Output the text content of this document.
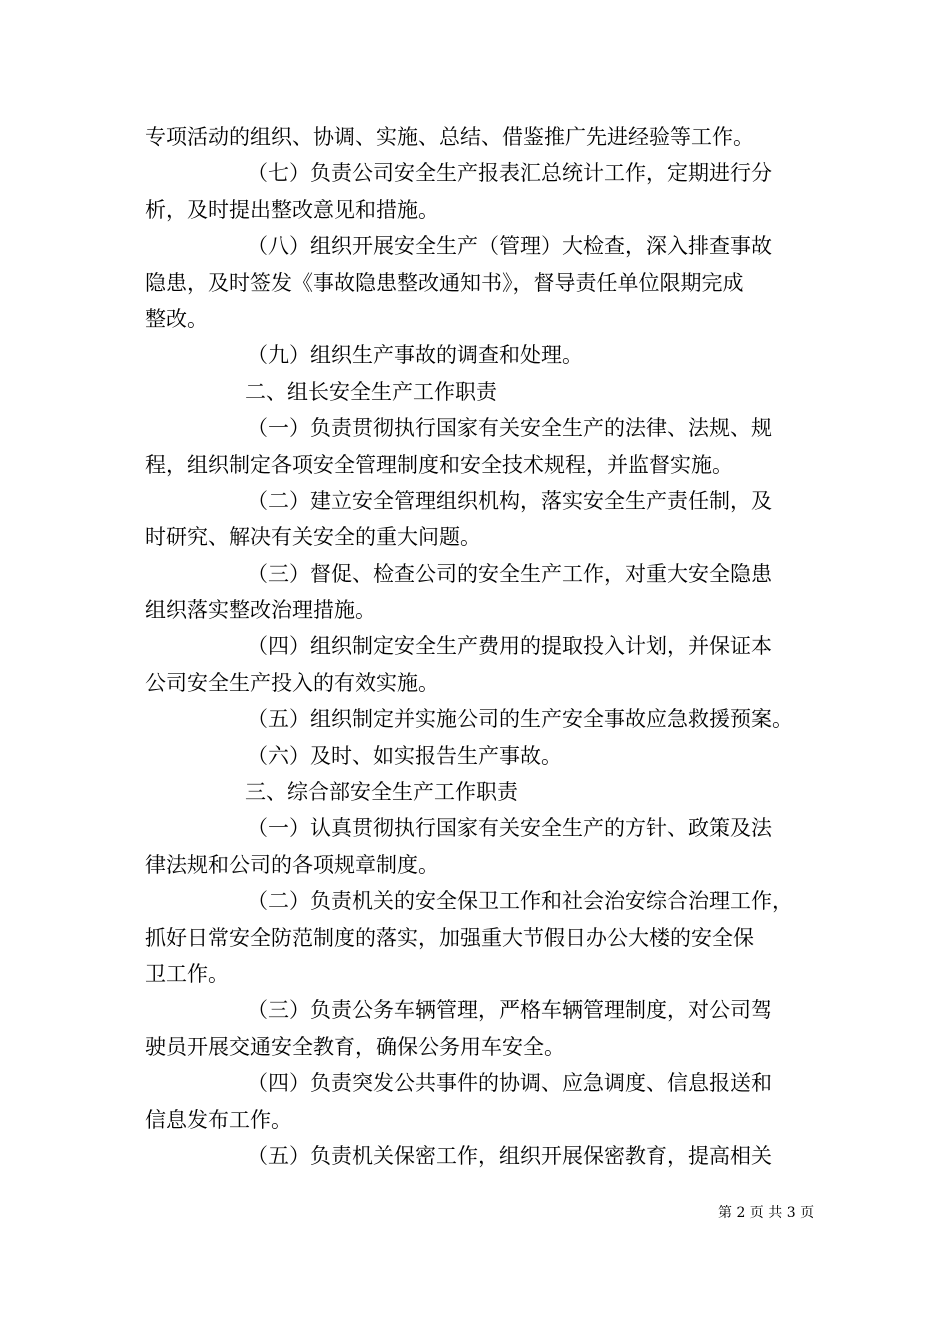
专项活动的组织、协调、实施、总结、借鉴推广先进经验等工作。
（七）负责公司安全生产报表汇总统计工作，定期进行分
析，及时提出整改意见和措施。
（八）组织开展安全生产（管理）大检查，深入排查事故
隐患，及时签发《事故隐患整改通知书》，督导责任单位限期完成
整改。
（九）组织生产事故的调查和处理。
二、组长安全生产工作职责
（一）负责贯彻执行国家有关安全生产的法律、法规、规
程，组织制定各项安全管理制度和安全技术规程，并监督实施。
（二）建立安全管理组织机构，落实安全生产责任制，及
时研究、解决有关安全的重大问题。
（三）督促、检查公司的安全生产工作，对重大安全隐患
组织落实整改治理措施。
（四）组织制定安全生产费用的提取投入计划，并保证本
公司安全生产投入的有效实施。
（五）组织制定并实施公司的生产安全事故应急救援预案。
（六）及时、如实报告生产事故。
三、综合部安全生产工作职责
（一）认真贯彻执行国家有关安全生产的方针、政策及法
律法规和公司的各项规章制度。
（二）负责机关的安全保卫工作和社会治安综合治理工作，
抓好日常安全防范制度的落实，加强重大节假日办公大楼的安全保
卫工作。
（三）负责公务车辆管理，严格车辆管理制度，对公司驾
驶员开展交通安全教育，确保公务用车安全。
（四）负责突发公共事件的协调、应急调度、信息报送和
信息发布工作。
（五）负责机关保密工作，组织开展保密教育，提高相关
第 2 页 共 3 页
